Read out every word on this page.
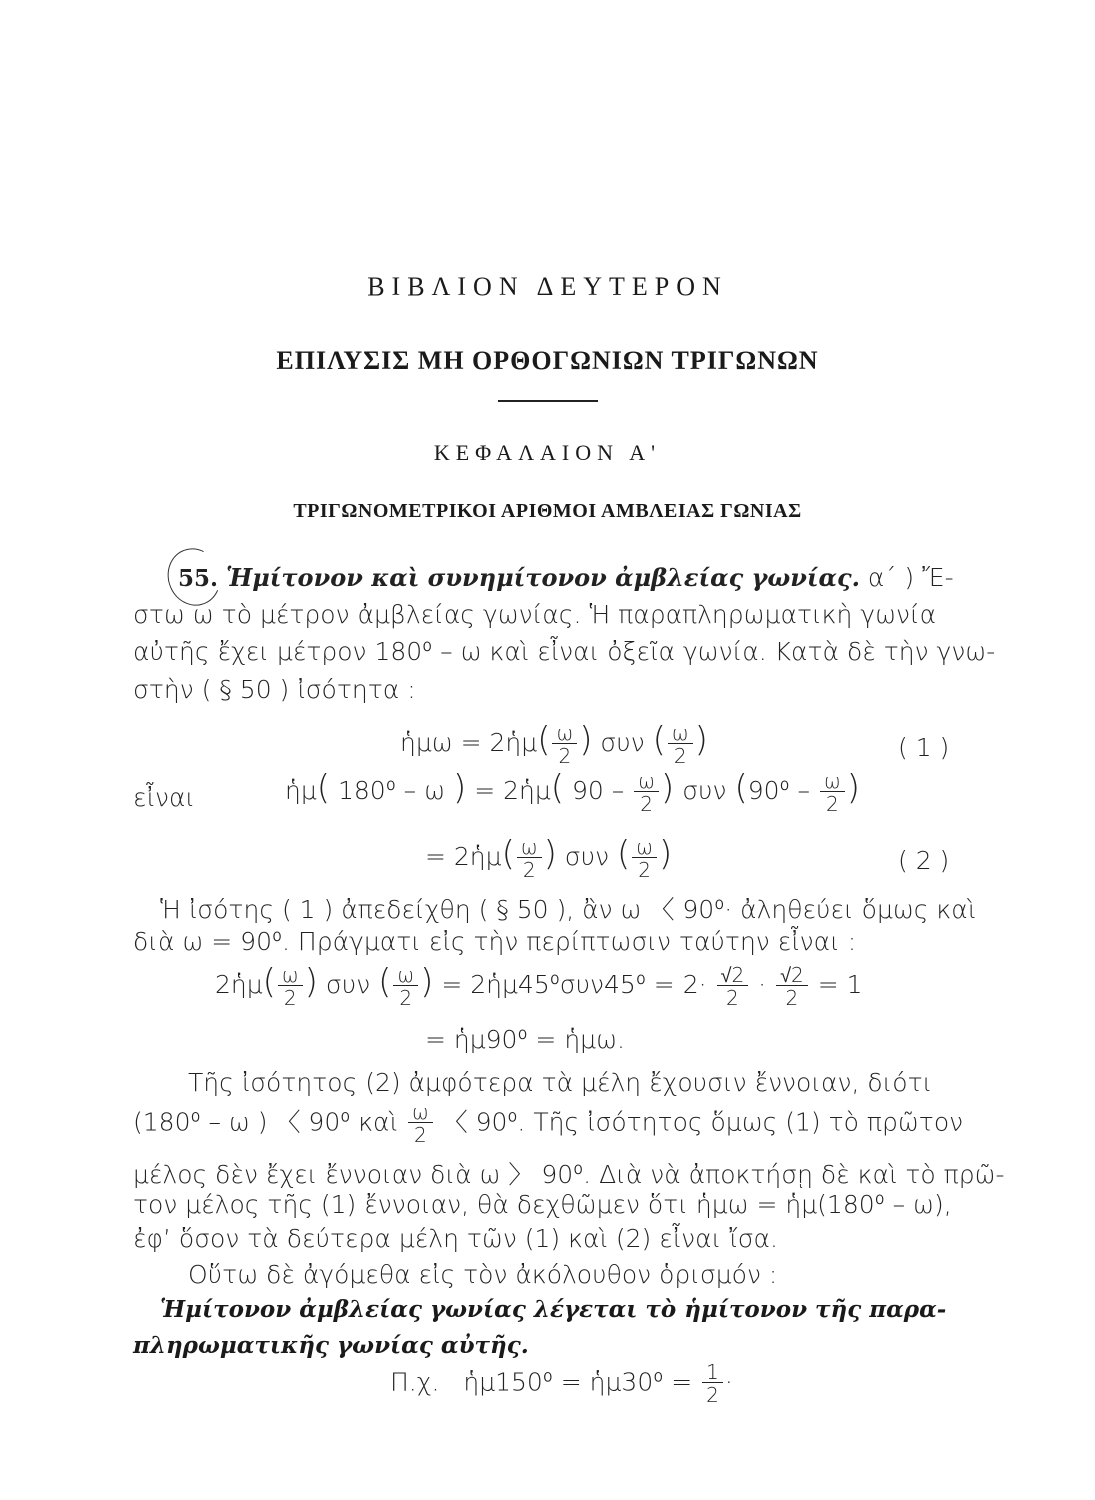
ΒΙΒΛΙΟΝ ΔΕΥΤΕΡΟΝ
ΕΠΙΛΥΣΙΣ ΜΗ ΟΡΘΟΓΩΝΙΩΝ ΤΡΙΓΩΝΩΝ
ΚΕΦΑΛΑΙΟΝ Α'
ΤΡΙΓΩΝΟΜΕΤΡΙΚΟΙ ΑΡΙΘΜΟΙ ΑΜΒΛΕΙΑΣ ΓΩΝΙΑΣ
55. Ἡμίτονον καὶ συνημίτονον ἀμβλείας γωνίας. α΄ ) Ἔ-
στω ω τὸ μέτρον ἀμβλείας γωνίας. Ἡ παραπληρωματικὴ γωνία
αὐτῆς ἔχει μέτρον 180⁰ – ω καὶ εἶναι ὀξεῖα γωνία. Κατὰ δὲ τὴν γνω-
στὴν ( § 50 ) ἰσότητα :
ἡμω = 2ἡμ( $\frac{\omega}{2}$ ) συν ( $\frac{\omega}{2}$ )	( 1 )
εἶναι	ἡμ( 180⁰ – ω ) = 2ἡμ( $90 - \frac{\omega}{2}$ ) συν ($90^0 - \frac{\omega}{2}$ )
= 2ἡμ( $\frac{\omega}{2}$ ) συν ( $\frac{\omega}{2}$ )	( 2 )
Ἡ ἰσότης ( 1 ) ἀπεδείχθη ( § 50 ), ἂν ω 〈 90⁰· ἀληθεύει ὅμως καὶ
διὰ ω = 90⁰. Πράγματι εἰς τὴν περίπτωσιν ταύτην εἶναι :
2ἡμ( $\frac{\omega}{2}$ ) συν ( $\frac{\omega}{2}$ ) = 2ἡμ45⁰συν45⁰ = $2\cdot \frac{√2}{2} \cdot \frac{√2}{2} = 1$
= ἡμ90⁰ = ἡμω.
Τῆς ἰσότητος (2) ἀμφότερα τὰ μέλη ἔχουσιν ἔννοιαν, διότι
(180⁰ – ω ) 〈 90⁰ καὶ $\frac{\omega}{2}$ 〈 90⁰. Τῆς ἰσότητος ὅμως (1) τὸ πρῶτον
μέλος δὲν ἔχει ἔννοιαν διὰ ω 〉 90⁰. Διὰ νὰ ἀποκτήσῃ δὲ καὶ τὸ πρῶ-
τον μέλος τῆς (1) ἔννοιαν, θὰ δεχθῶμεν ὅτι ἡμω = ἡμ(180⁰ – ω),
ἐφ’ ὅσον τὰ δεύτερα μέλη τῶν (1) καὶ (2) εἶναι ἴσα.
Οὕτω δὲ ἀγόμεθα εἰς τὸν ἀκόλουθον ὁρισμόν :
Ἡμίτονον ἀμβλείας γωνίας λέγεται τὸ ἡμίτονον τῆς παρα-
πληρωματικῆς γωνίας αὐτῆς.
Π.χ. ἡμ150⁰ = ἡμ30⁰ = $\frac{1}{2}$ ·
